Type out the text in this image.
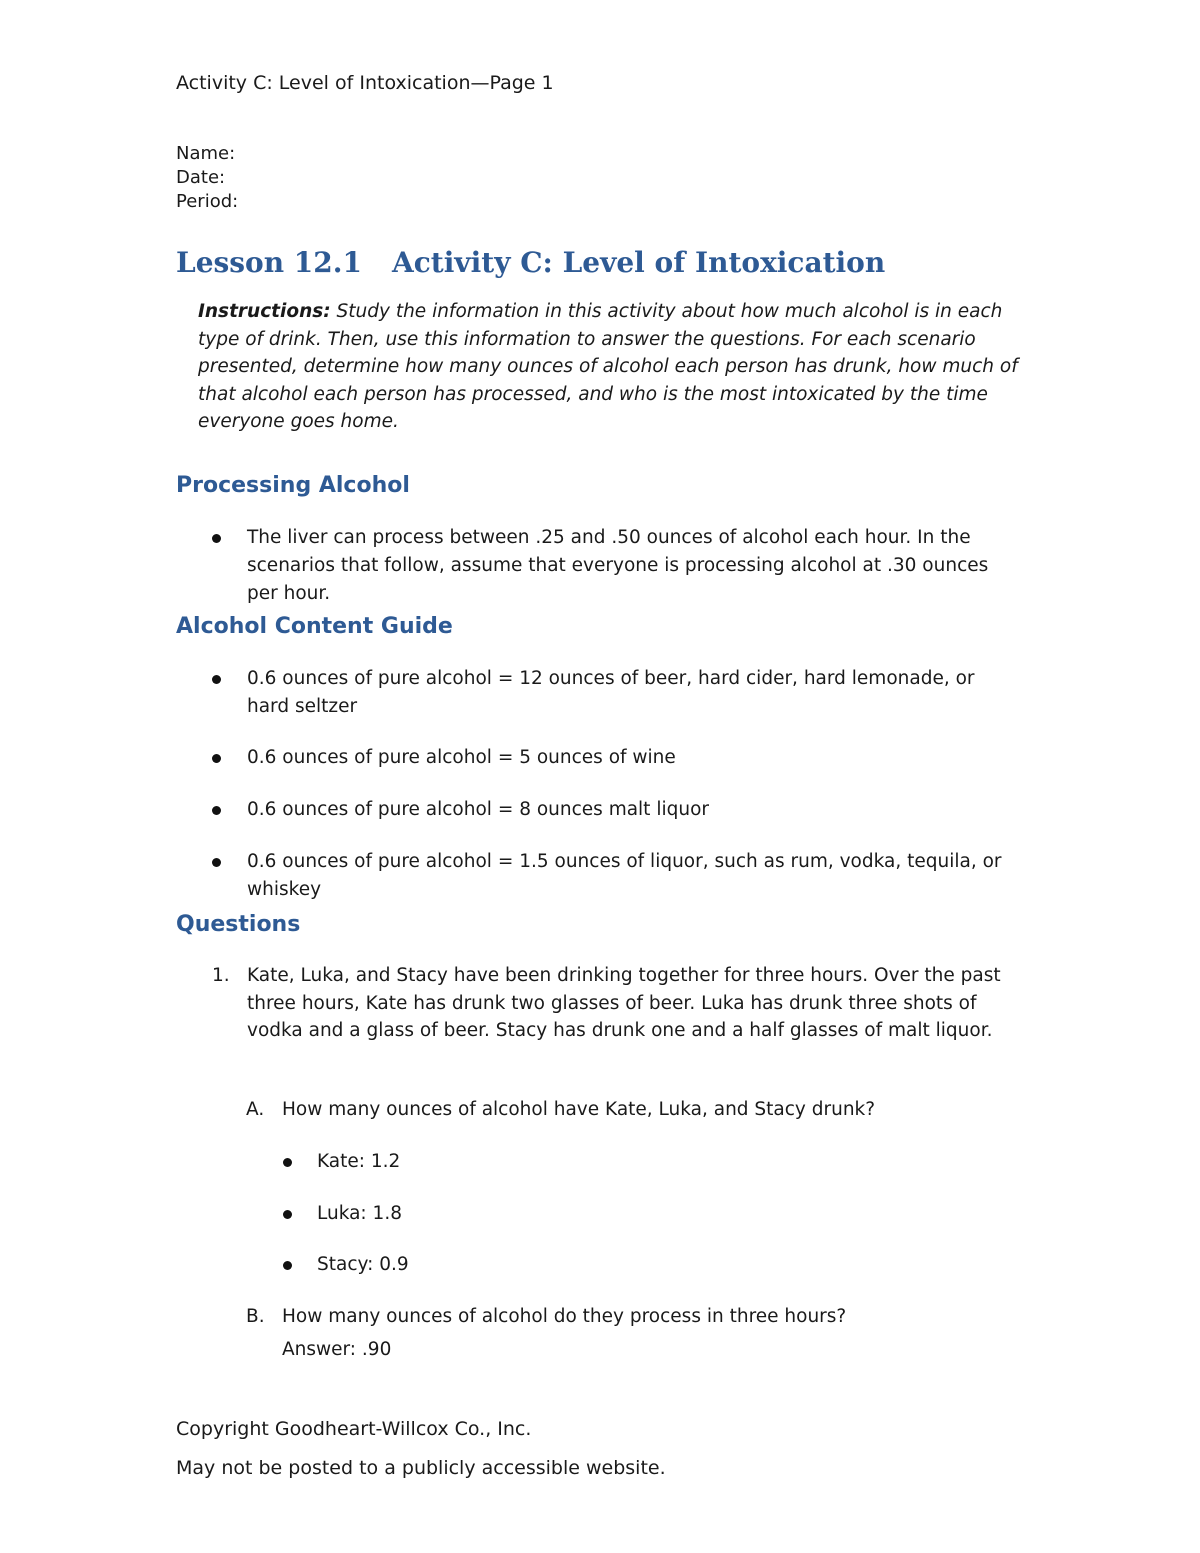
Activity C: Level of Intoxication—Page 1
Name:
Date:
Period:
Lesson 12.1 Activity C: Level of Intoxication
Instructions: Study the information in this activity about how much alcohol is in each type of drink. Then, use this information to answer the questions. For each scenario presented, determine how many ounces of alcohol each person has drunk, how much of that alcohol each person has processed, and who is the most intoxicated by the time everyone goes home.
Processing Alcohol
The liver can process between .25 and .50 ounces of alcohol each hour. In the scenarios that follow, assume that everyone is processing alcohol at .30 ounces per hour.
Alcohol Content Guide
0.6 ounces of pure alcohol = 12 ounces of beer, hard cider, hard lemonade, or hard seltzer
0.6 ounces of pure alcohol = 5 ounces of wine
0.6 ounces of pure alcohol = 8 ounces malt liquor
0.6 ounces of pure alcohol = 1.5 ounces of liquor, such as rum, vodka, tequila, or whiskey
Questions
1. Kate, Luka, and Stacy have been drinking together for three hours. Over the past three hours, Kate has drunk two glasses of beer. Luka has drunk three shots of vodka and a glass of beer. Stacy has drunk one and a half glasses of malt liquor.
A. How many ounces of alcohol have Kate, Luka, and Stacy drunk?
Kate: 1.2
Luka: 1.8
Stacy: 0.9
B. How many ounces of alcohol do they process in three hours?
Answer: .90
Copyright Goodheart-Willcox Co., Inc.
May not be posted to a publicly accessible website.
